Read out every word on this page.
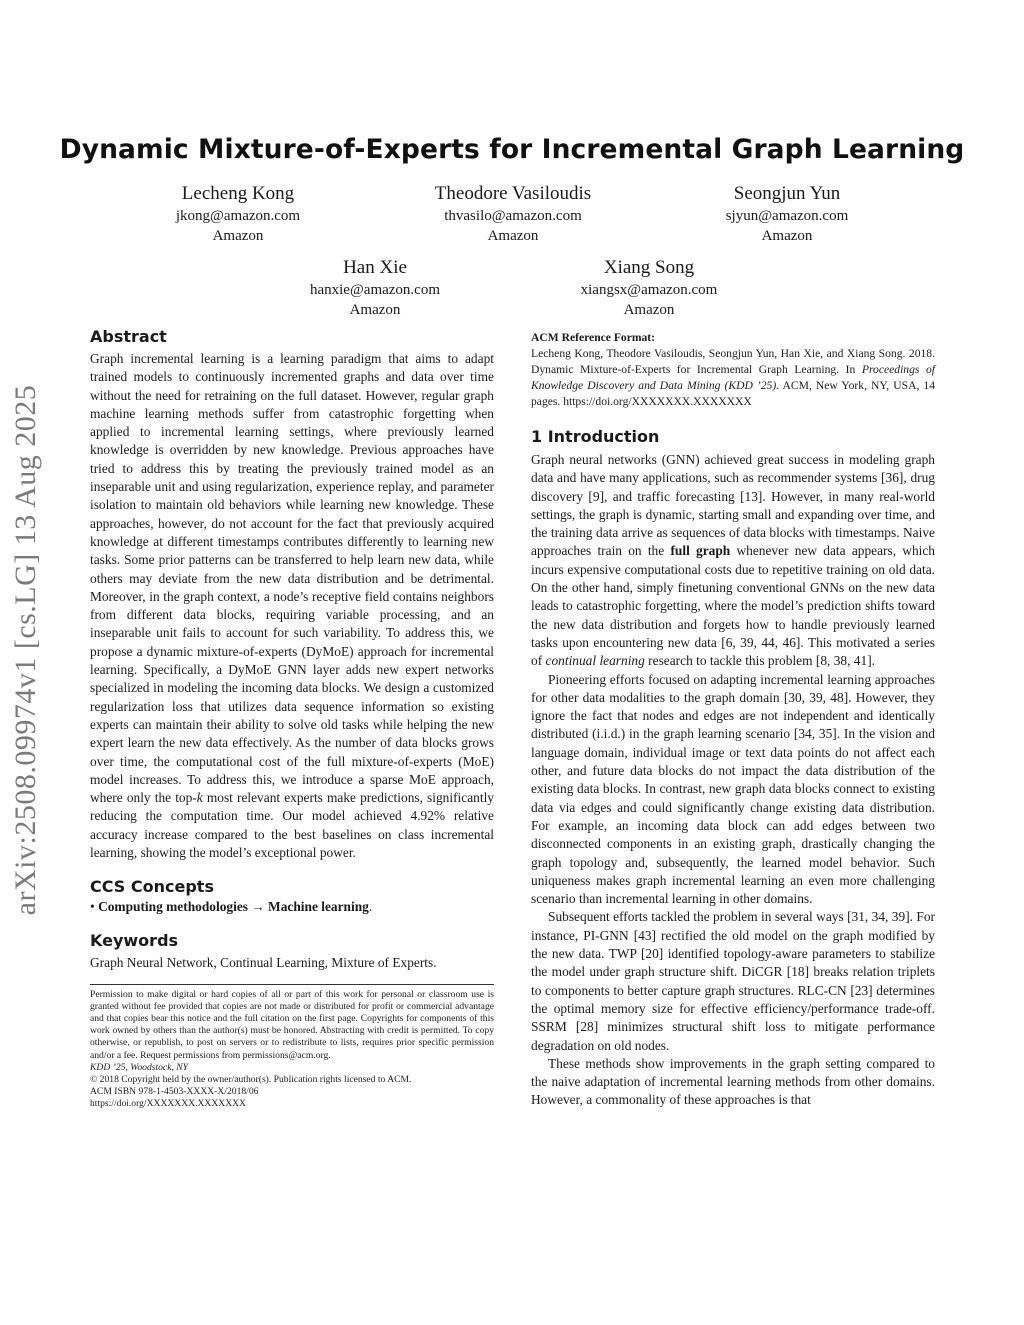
arXiv:2508.09974v1 [cs.LG] 13 Aug 2025
Dynamic Mixture-of-Experts for Incremental Graph Learning
Lecheng Kong
jkong@amazon.com
Amazon
Theodore Vasiloudis
thvasilo@amazon.com
Amazon
Seongjun Yun
sjyun@amazon.com
Amazon
Han Xie
hanxie@amazon.com
Amazon
Xiang Song
xiangsx@amazon.com
Amazon
Abstract

Graph incremental learning is a learning paradigm that aims to adapt trained models to continuously incremented graphs and data over time without the need for retraining on the full dataset. However, regular graph machine learning methods suffer from catastrophic forgetting when applied to incremental learning settings, where previously learned knowledge is overridden by new knowledge. Previous approaches have tried to address this by treating the previously trained model as an inseparable unit and using regularization, experience replay, and parameter isolation to maintain old behaviors while learning new knowledge. These approaches, however, do not account for the fact that previously acquired knowledge at different timestamps contributes differently to learning new tasks. Some prior patterns can be transferred to help learn new data, while others may deviate from the new data distribution and be detrimental. Moreover, in the graph context, a node’s receptive field contains neighbors from different data blocks, requiring variable processing, and an inseparable unit fails to account for such variability. To address this, we propose a dynamic mixture-of-experts (DyMoE) approach for incremental learning. Specifically, a DyMoE GNN layer adds new expert networks specialized in modeling the incoming data blocks. We design a customized regularization loss that utilizes data sequence information so existing experts can maintain their ability to solve old tasks while helping the new expert learn the new data effectively. As the number of data blocks grows over time, the computational cost of the full mixture-of-experts (MoE) model increases. To address this, we introduce a sparse MoE approach, where only the top-k most relevant experts make predictions, significantly reducing the computation time. Our model achieved 4.92% relative accuracy increase compared to the best baselines on class incremental learning, showing the model’s exceptional power.

CCS Concepts
• Computing methodologies → Machine learning.
Keywords

Graph Neural Network, Continual Learning, Mixture of Experts.

Permission to make digital or hard copies of all or part of this work for personal or classroom use is granted without fee provided that copies are not made or distributed for profit or commercial advantage and that copies bear this notice and the full citation on the first page. Copyrights for components of this work owned by others than the author(s) must be honored. Abstracting with credit is permitted. To copy otherwise, or republish, to post on servers or to redistribute to lists, requires prior specific permission and/or a fee. Request permissions from permissions@acm.org.
KDD ’25, Woodstock, NY
© 2018 Copyright held by the owner/author(s). Publication rights licensed to ACM.
ACM ISBN 978-1-4503-XXXX-X/2018/06
https://doi.org/XXXXXXX.XXXXXXX
ACM Reference Format:
Lecheng Kong, Theodore Vasiloudis, Seongjun Yun, Han Xie, and Xiang Song. 2018. Dynamic Mixture-of-Experts for Incremental Graph Learning. In Proceedings of Knowledge Discovery and Data Mining (KDD ’25). ACM, New York, NY, USA, 14 pages. https://doi.org/XXXXXXX.XXXXXXX
1 Introduction

Graph neural networks (GNN) achieved great success in modeling graph data and have many applications, such as recommender systems [36], drug discovery [9], and traffic forecasting [13]. However, in many real-world settings, the graph is dynamic, starting small and expanding over time, and the training data arrive as sequences of data blocks with timestamps. Naive approaches train on the full graph whenever new data appears, which incurs expensive computational costs due to repetitive training on old data. On the other hand, simply finetuning conventional GNNs on the new data leads to catastrophic forgetting, where the model’s prediction shifts toward the new data distribution and forgets how to handle previously learned tasks upon encountering new data [6, 39, 44, 46]. This motivated a series of continual learning research to tackle this problem [8, 38, 41].

Pioneering efforts focused on adapting incremental learning approaches for other data modalities to the graph domain [30, 39, 48]. However, they ignore the fact that nodes and edges are not independent and identically distributed (i.i.d.) in the graph learning scenario [34, 35]. In the vision and language domain, individual image or text data points do not affect each other, and future data blocks do not impact the data distribution of the existing data blocks. In contrast, new graph data blocks connect to existing data via edges and could significantly change existing data distribution. For example, an incoming data block can add edges between two disconnected components in an existing graph, drastically changing the graph topology and, subsequently, the learned model behavior. Such uniqueness makes graph incremental learning an even more challenging scenario than incremental learning in other domains.

Subsequent efforts tackled the problem in several ways [31, 34, 39]. For instance, PI-GNN [43] rectified the old model on the graph modified by the new data. TWP [20] identified topology-aware parameters to stabilize the model under graph structure shift. DiCGR [18] breaks relation triplets to components to better capture graph structures. RLC-CN [23] determines the optimal memory size for effective efficiency/performance trade-off. SSRM [28] minimizes structural shift loss to mitigate performance degradation on old nodes.

These methods show improvements in the graph setting compared to the naive adaptation of incremental learning methods from other domains. However, a commonality of these approaches is that
